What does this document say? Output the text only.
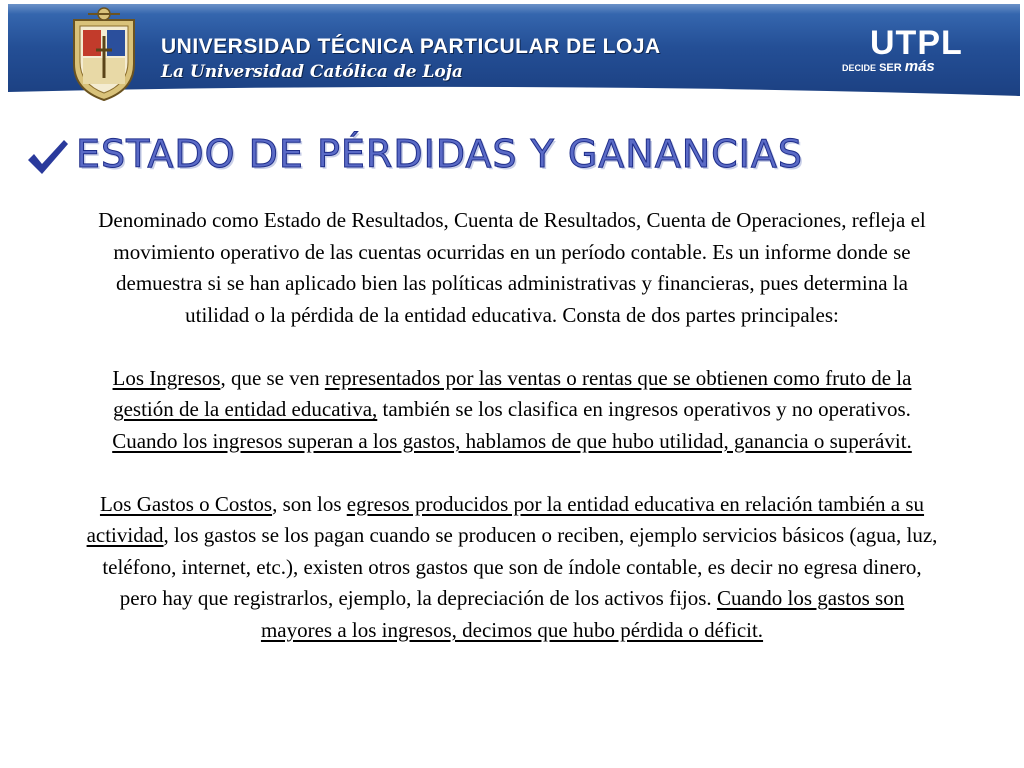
UNIVERSIDAD TÉCNICA PARTICULAR DE LOJA
La Universidad Católica de Loja
UTPL
DECIDE SER más
ESTADO DE PÉRDIDAS Y GANANCIAS

Denominado como Estado de Resultados, Cuenta de Resultados, Cuenta de Operaciones, refleja el movimiento operativo de las cuentas ocurridas en un período contable. Es un informe donde se demuestra si se han aplicado bien las políticas administrativas y financieras, pues determina la utilidad o la pérdida de la entidad educativa. Consta de dos partes principales:

Los Ingresos, que se ven representados por las ventas o rentas que se obtienen como fruto de la gestión de la entidad educativa, también se los clasifica en ingresos operativos y no operativos. Cuando los ingresos superan a los gastos, hablamos de que hubo utilidad, ganancia o superávit.

Los Gastos o Costos, son los egresos producidos por la entidad educativa en relación también a su actividad, los gastos se los pagan cuando se producen o reciben, ejemplo servicios básicos (agua, luz, teléfono, internet, etc.), existen otros gastos que son de índole contable, es decir no egresa dinero, pero hay que registrarlos, ejemplo, la depreciación de los activos fijos. Cuando los gastos son mayores a los ingresos, decimos que hubo pérdida o déficit.
